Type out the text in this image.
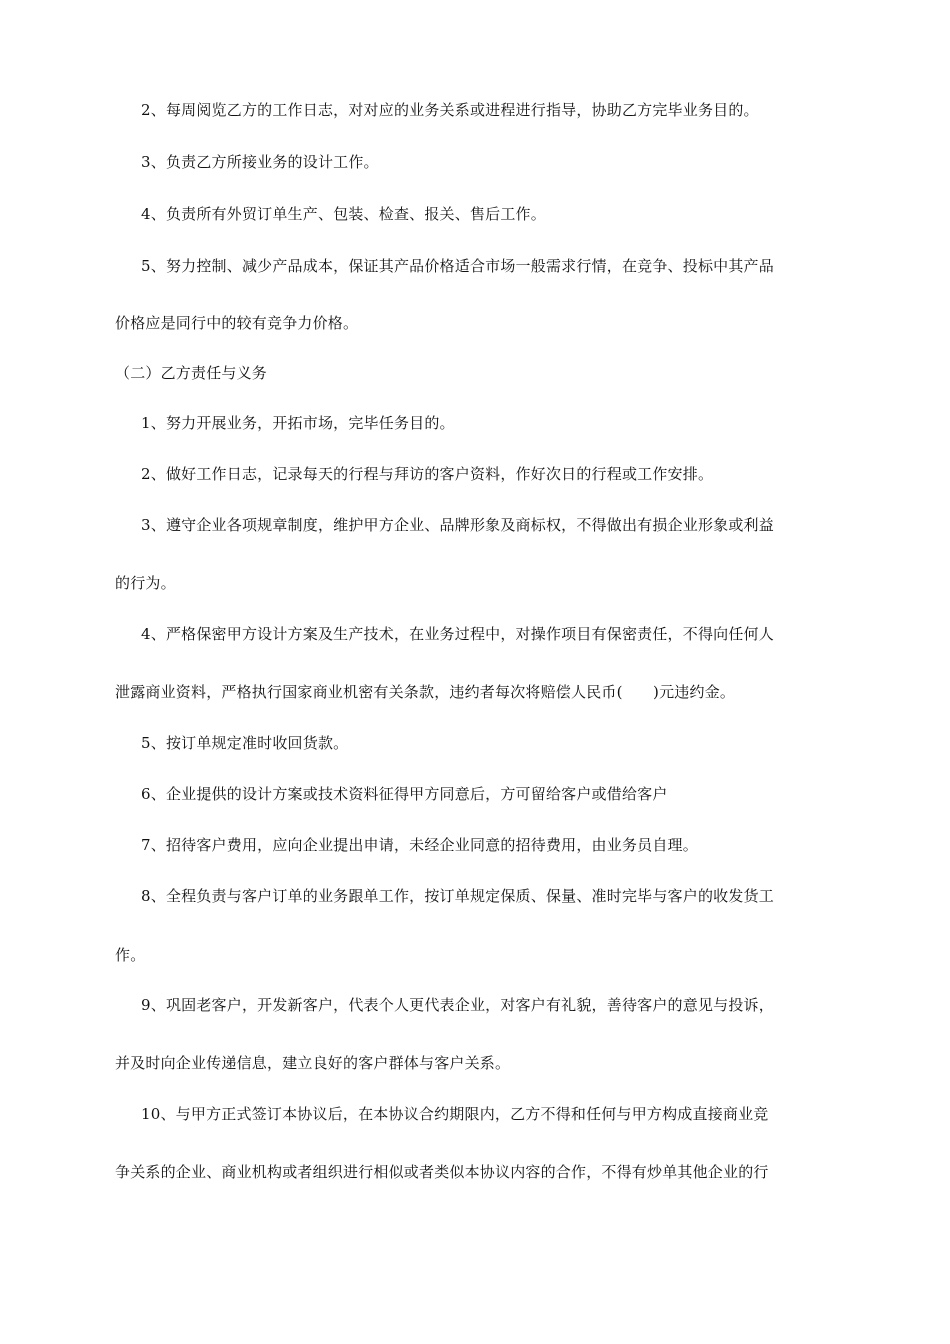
2、每周阅览乙方的工作日志，对对应的业务关系或进程进行指导，协助乙方完毕业务目的。
3、负责乙方所接业务的设计工作。
4、负责所有外贸订单生产、包装、检查、报关、售后工作。
5、努力控制、减少产品成本，保证其产品价格适合市场一般需求行情，在竞争、投标中其产品
价格应是同行中的较有竞争力价格。
（二）乙方责任与义务
1、努力开展业务，开拓市场，完毕任务目的。
2、做好工作日志，记录每天的行程与拜访的客户资料，作好次日的行程或工作安排。
3、遵守企业各项规章制度，维护甲方企业、品牌形象及商标权，不得做出有损企业形象或利益
的行为。
4、严格保密甲方设计方案及生产技术，在业务过程中，对操作项目有保密责任，不得向任何人
泄露商业资料，严格执行国家商业机密有关条款，违约者每次将赔偿人民币(　　)元违约金。
5、按订单规定准时收回货款。
6、企业提供的设计方案或技术资料征得甲方同意后，方可留给客户或借给客户
7、招待客户费用，应向企业提出申请，未经企业同意的招待费用，由业务员自理。
8、全程负责与客户订单的业务跟单工作，按订单规定保质、保量、准时完毕与客户的收发货工
作。
9、巩固老客户，开发新客户，代表个人更代表企业，对客户有礼貌，善待客户的意见与投诉，
并及时向企业传递信息，建立良好的客户群体与客户关系。
10、与甲方正式签订本协议后，在本协议合约期限内，乙方不得和任何与甲方构成直接商业竞
争关系的企业、商业机构或者组织进行相似或者类似本协议内容的合作，不得有炒单其他企业的行
